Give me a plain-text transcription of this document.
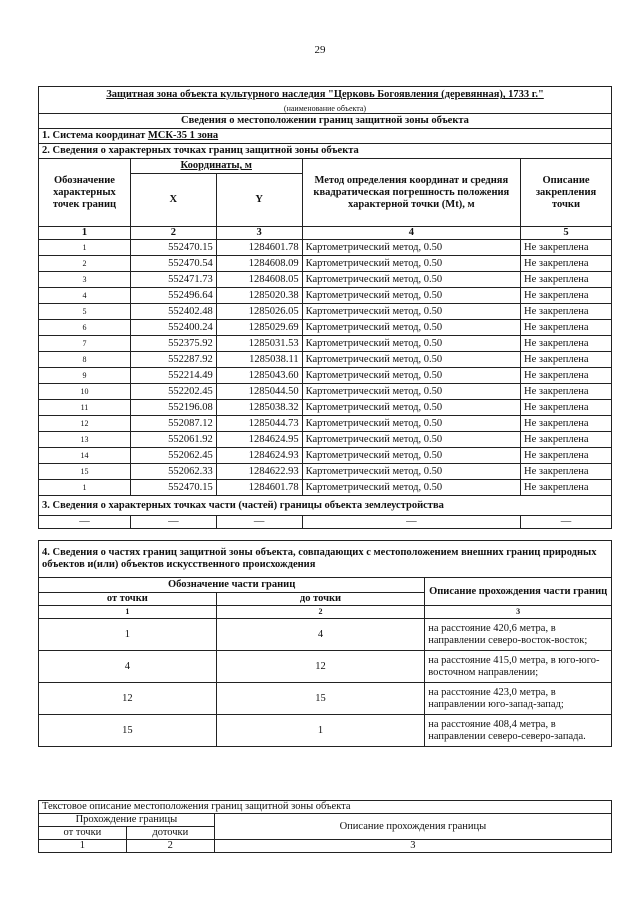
29
Защитная зона объекта культурного наследия "Церковь Богоявления (деревянная), 1733 г."					
(наименование объекта)					
Сведения о местоположении границ защитной зоны объекта					
1. Система координат МСК-35 1 зона					
2. Сведения о характерных точках границ защитной зоны объекта					
Обозначение характерных точек границ	Координаты, м		Метод определения координат и средняя квадратическая погрешность положения характерной точки (Mt), м		Описание закрепления точки
	X	Y			
1	2	3	4		5
1	552470.15	1284601.78	Картометрический метод, 0.50		Не закреплена
2	552470.54	1284608.09	Картометрический метод, 0.50		Не закреплена
3	552471.73	1284608.05	Картометрический метод, 0.50		Не закреплена
4	552496.64	1285020.38	Картометрический метод, 0.50		Не закреплена
5	552402.48	1285026.05	Картометрический метод, 0.50		Не закреплена
6	552400.24	1285029.69	Картометрический метод, 0.50		Не закреплена
7	552375.92	1285031.53	Картометрический метод, 0.50		Не закреплена
8	552287.92	1285038.11	Картометрический метод, 0.50		Не закреплена
9	552214.49	1285043.60	Картометрический метод, 0.50		Не закреплена
10	552202.45	1285044.50	Картометрический метод, 0.50		Не закреплена
11	552196.08	1285038.32	Картометрический метод, 0.50		Не закреплена
12	552087.12	1285044.73	Картометрический метод, 0.50		Не закреплена
13	552061.92	1284624.95	Картометрический метод, 0.50		Не закреплена
14	552062.45	1284624.93	Картометрический метод, 0.50		Не закреплена
15	552062.33	1284622.93	Картометрический метод, 0.50		Не закреплена
1	552470.15	1284601.78	Картометрический метод, 0.50		Не закреплена
3. Сведения о характерных точках части (частей) границы объекта землеустройства					
—	—	—	—		—

4. Сведения о частях границ защитной зоны объекта, совпадающих с местоположением внешних границ природных объектов и(или) объектов искусственного происхождения					
Обозначение части границ				Описание прохождения части границ	
от точки		до точки			
1		2		3	
1		4		на расстояние 420,6 метра, в направлении северо-восток-восток;	
4		12		на расстояние 415,0 метра, в юго-юго-восточном направлении;	
12		15		на расстояние 423,0 метра, в направлении юго-запад-запад;	
15		1		на расстояние 408,4 метра, в направлении северо-северо-запада.	
Текстовое описание местоположения границ защитной зоны объекта		
Прохождение границы		Описание прохождения границы
от точки	доточки	
1	2	3
